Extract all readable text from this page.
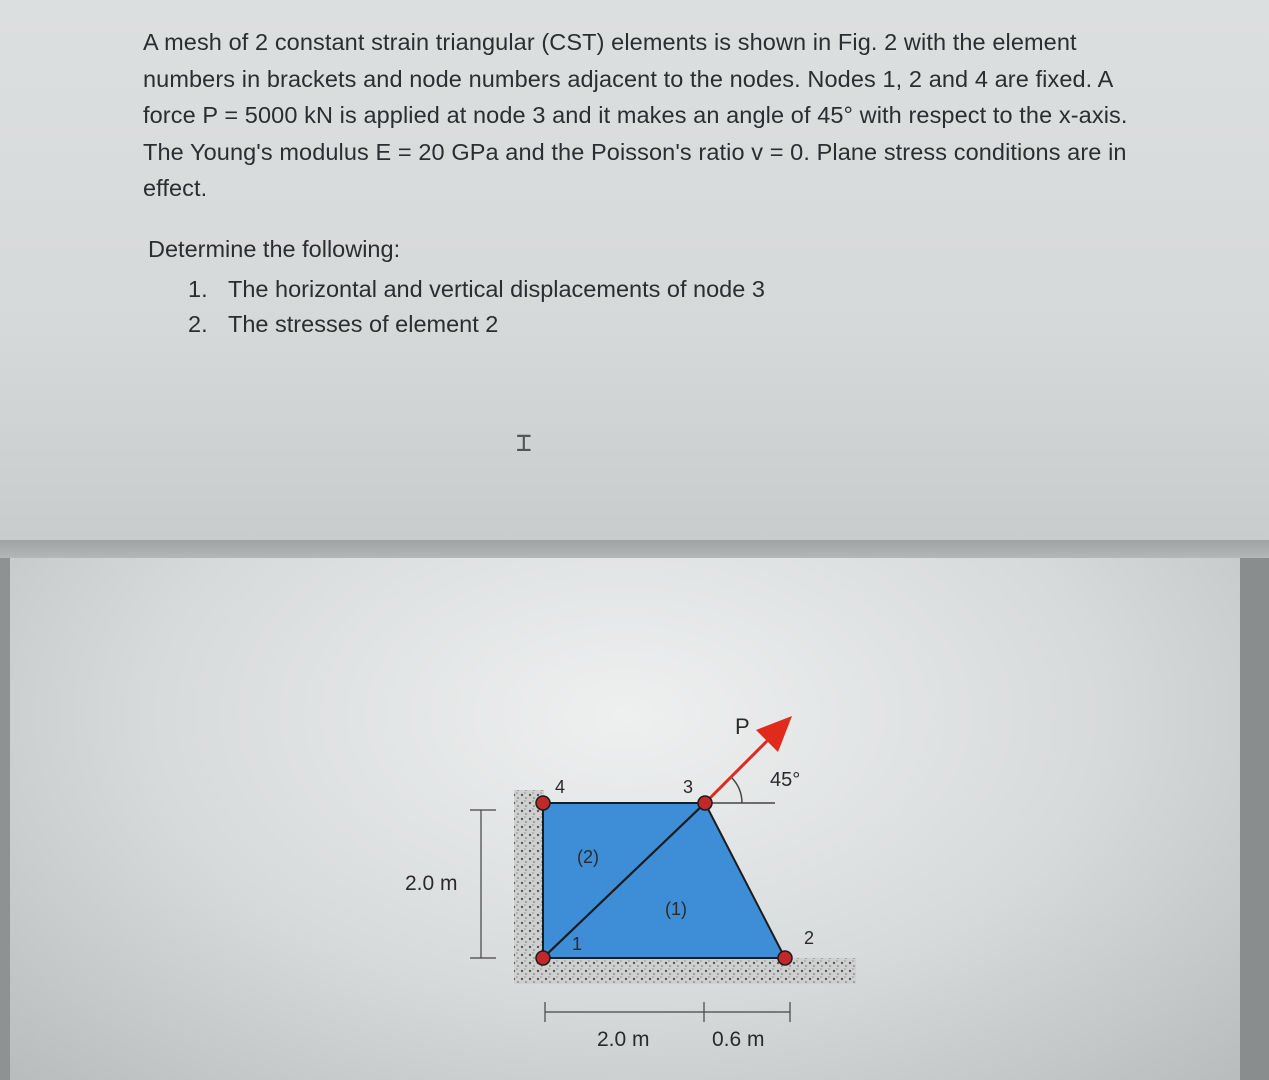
A mesh of 2 constant strain triangular (CST) elements is shown in Fig. 2 with the element numbers in brackets and node numbers adjacent to the nodes. Nodes 1, 2 and 4 are fixed. A force P = 5000 kN is applied at node 3 and it makes an angle of 45° with respect to the x-axis. The Young's modulus E = 20 GPa and the Poisson's ratio v = 0. Plane stress conditions are in effect.

Determine the following:

1. The horizontal and vertical displacements of node 3
2. The stresses of element 2
⌶
P
45°
4	3
1	2
(2)
(1)
2.0 m
2.0 m	0.6 m
